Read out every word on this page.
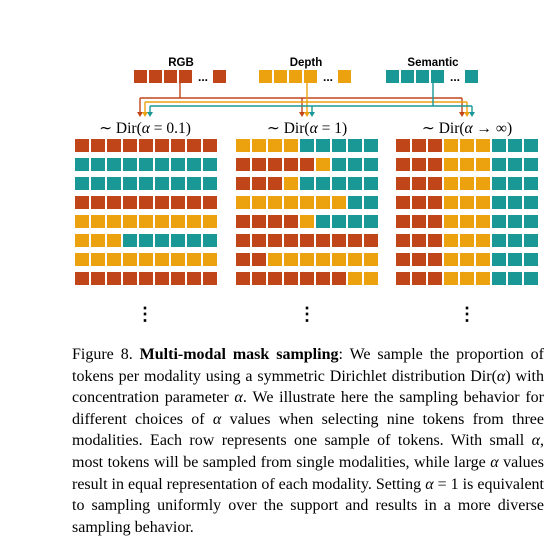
RGB	Depth	Semantic
...	...	...
∼ Dir(α = 0.1)	∼ Dir(α = 1)	∼ Dir(α → ∞)
⋮	⋮	⋮

Figure 8. Multi-modal mask sampling: We sample the proportion of tokens per modality using a symmetric Dirichlet distribution Dir(α) with concentration parameter α. We illustrate here the sampling behavior for different choices of α values when selecting nine tokens from three modalities. Each row represents one sample of tokens. With small α, most tokens will be sampled from single modalities, while large α values result in equal representation of each modality. Setting α = 1 is equivalent to sampling uniformly over the support and results in a more diverse sampling behavior.
